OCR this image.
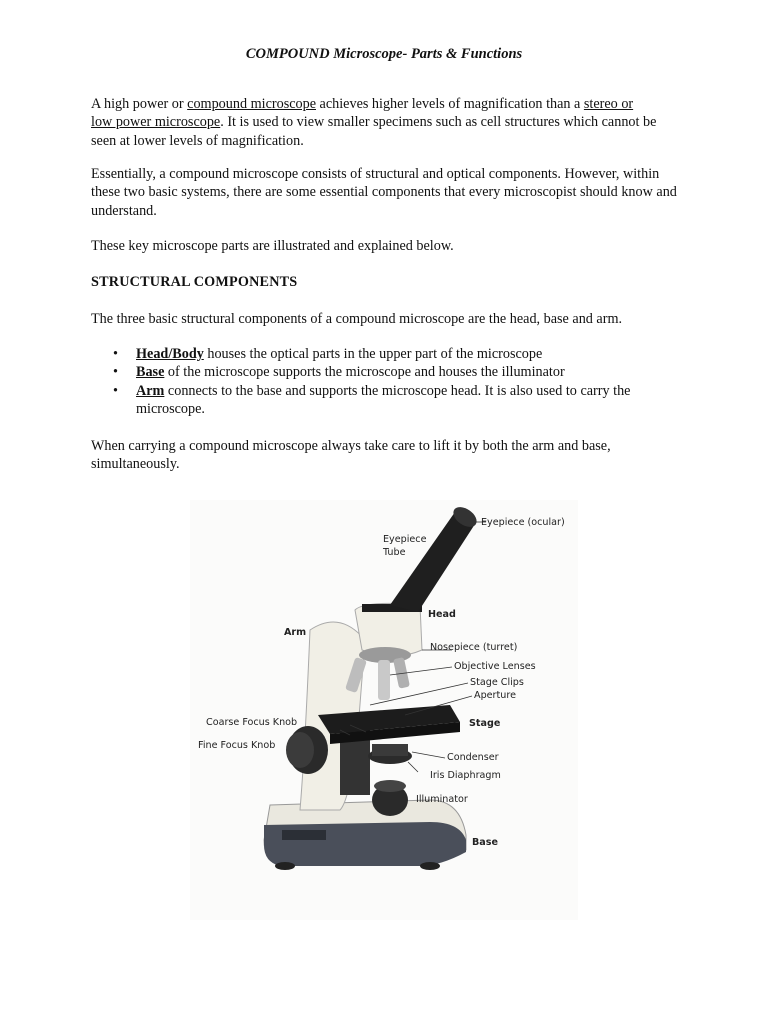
COMPOUND Microscope- Parts & Functions
A high power or compound microscope achieves higher levels of magnification than a stereo or
low power microscope. It is used to view smaller specimens such as cell structures which cannot be seen at lower levels of magnification.
Essentially, a compound microscope consists of structural and optical components. However, within these two basic systems, there are some essential components that every microscopist should know and understand.
These key microscope parts are illustrated and explained below.
STRUCTURAL COMPONENTS
The three basic structural components of a compound microscope are the head, base and arm.
• Head/Body houses the optical parts in the upper part of the microscope
• Base of the microscope supports the microscope and houses the illuminator
• Arm connects to the base and supports the microscope head. It is also used to carry the microscope.
When carrying a compound microscope always take care to lift it by both the arm and base, simultaneously.
Eyepiece (ocular)
Eyepiece
Tube
Head
Arm
Nosepiece (turret)
Objective Lenses
Stage Clips
Aperture
Stage
Coarse Focus Knob
Fine Focus Knob
Condenser
Iris Diaphragm
Illuminator
Base
